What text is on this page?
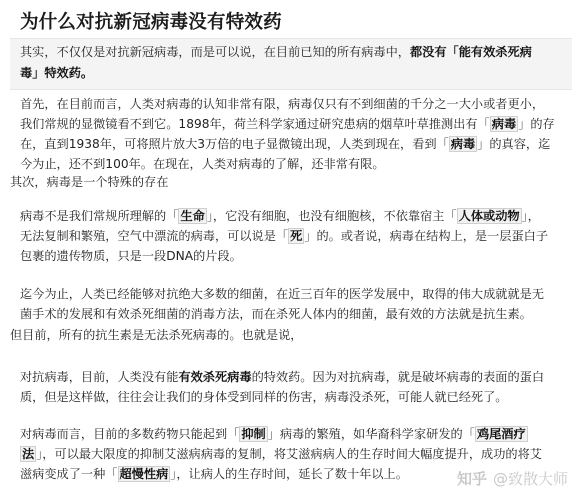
为什么对抗新冠病毒没有特效药
其实，不仅仅是对抗新冠病毒，而是可以说，在目前已知的所有病毒中，都没有「能有效杀死病
毒」特效药。
首先，在目前而言，人类对病毒的认知非常有限，病毒仅只有不到细菌的千分之一大小或者更小，
我们常规的显微镜看不到它。1898年，荷兰科学家通过研究患病的烟草叶草推测出有「 病毒 」的存
在，直到1938年，可将照片放大3万倍的电子显微镜出现，人类到现在，看到「 病毒 」的真容，迄
今为止，还不到100年。在现在，人类对病毒的了解，还非常有限。
其次，病毒是一个特殊的存在
病毒不是我们常规所理解的「 生命 」，它没有细胞，也没有细胞核，不依靠宿主「 人体或动物 」，
无法复制和繁殖，空气中漂流的病毒，可以说是「 死 」的。或者说，病毒在结构上，是一层蛋白子
包裹的遗传物质，只是一段DNA的片段。
迄今为止，人类已经能够对抗绝大多数的细菌，在近三百年的医学发展中，取得的伟大成就就是无
菌手术的发展和有效杀死细菌的消毒方法，而在杀死人体内的细菌，最有效的方法就是抗生素。
但目前，所有的抗生素是无法杀死病毒的。也就是说，
对抗病毒，目前，人类没有能有效杀死病毒的特效药。因为对抗病毒，就是破坏病毒的表面的蛋白
质，但是这样做，往往会让我们的身体受到同样的伤害，病毒没杀死，可能人就已经死了。
对病毒而言，目前的多数药物只能起到「 抑制 」病毒的繁殖，如华裔科学家研发的「 鸡尾酒疗
法 」，可以最大限度的抑制艾滋病病毒的复制，将艾滋病病人的生存时间大幅度提升，成功的将艾
滋病变成了一种「 超慢性病 」，让病人的生存时间，延长了数十年以上。	知乎 @致散大师
